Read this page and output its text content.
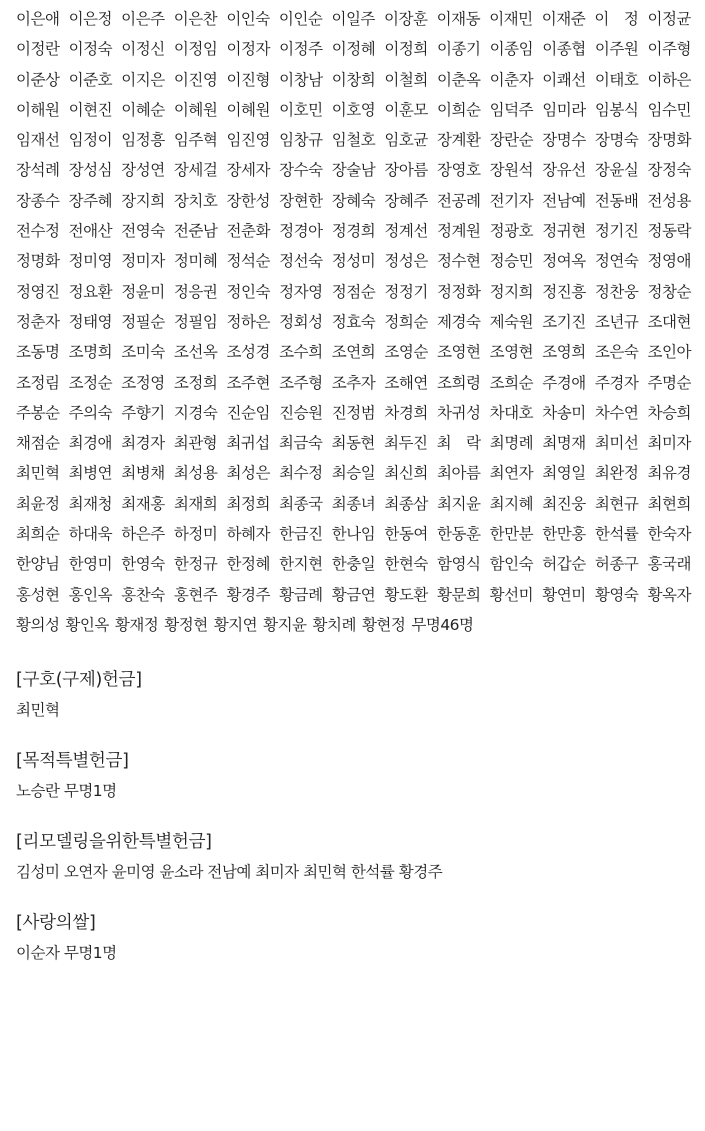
이은애 이은정 이은주 이은찬 이인숙 이인순 이일주 이장훈 이재동 이재민 이재준 이　정 이정균
이정란 이정숙 이정신 이정임 이정자 이정주 이정혜 이정희 이종기 이종임 이종협 이주원 이주형
이준상 이준호 이지은 이진영 이진형 이창남 이창희 이철희 이춘옥 이춘자 이쾌선 이태호 이하은
이해원 이현진 이혜순 이혜원 이혜원 이호민 이호영 이훈모 이희순 임덕주 임미라 임봉식 임수민
임재선 임정이 임정흥 임주혁 임진영 임창규 임철호 임호균 장계환 장란순 장명수 장명숙 장명화
장석례 장성심 장성연 장세걸 장세자 장수숙 장술남 장아름 장영호 장원석 장유선 장윤실 장정숙
장종수 장주혜 장지희 장치호 장한성 장현한 장혜숙 장혜주 전공례 전기자 전남예 전동배 전성용
전수정 전애산 전영숙 전준남 전춘화 정경아 정경희 정계선 정계원 정광호 정귀현 정기진 정동락
정명화 정미영 정미자 정미혜 정석순 정선숙 정성미 정성은 정수현 정승민 정여옥 정연숙 정영애
정영진 정요환 정윤미 정응권 정인숙 정자영 정점순 정정기 정정화 정지희 정진흥 정찬웅 정창순
정춘자 정태영 정필순 정필임 정하은 정회성 정효숙 정희순 제경숙 제숙원 조기진 조년규 조대현
조동명 조명희 조미숙 조선옥 조성경 조수희 조연희 조영순 조영현 조영현 조영희 조은숙 조인아
조정림 조정순 조정영 조정희 조주현 조주형 조추자 조해연 조희령 조희순 주경애 주경자 주명순
주봉순 주의숙 주향기 지경숙 진순임 진승원 진정범 차경희 차귀성 차대호 차송미 차수연 차승희
채점순 최경애 최경자 최관형 최귀섭 최금숙 최동현 최두진 최　락 최명례 최명재 최미선 최미자
최민혁 최병연 최병채 최성용 최성은 최수정 최승일 최신희 최아름 최연자 최영일 최완정 최유경
최윤정 최재청 최재홍 최재희 최정희 최종국 최종녀 최종삼 최지윤 최지혜 최진웅 최현규 최현희
최희순 하대욱 하은주 하정미 하혜자 한금진 한나임 한동여 한동훈 한만분 한만홍 한석률 한숙자
한양님 한영미 한영숙 한정규 한정혜 한지현 한충일 한현숙 함영식 함인숙 허갑순 허종구 홍국래
홍성현 홍인옥 홍찬숙 홍현주 황경주 황금례 황금연 황도환 황문희 황선미 황연미 황영숙 황옥자
황의성 황인옥 황재정 황정현 황지연 황지윤 황치례 황현정 무명46명
[구호(구제)헌금]
최민혁
[목적특별헌금]
노승란 무명1명
[리모델링을위한특별헌금]
김성미 오연자 윤미영 윤소라 전남예 최미자 최민혁 한석률 황경주
[사랑의쌀]
이순자 무명1명
